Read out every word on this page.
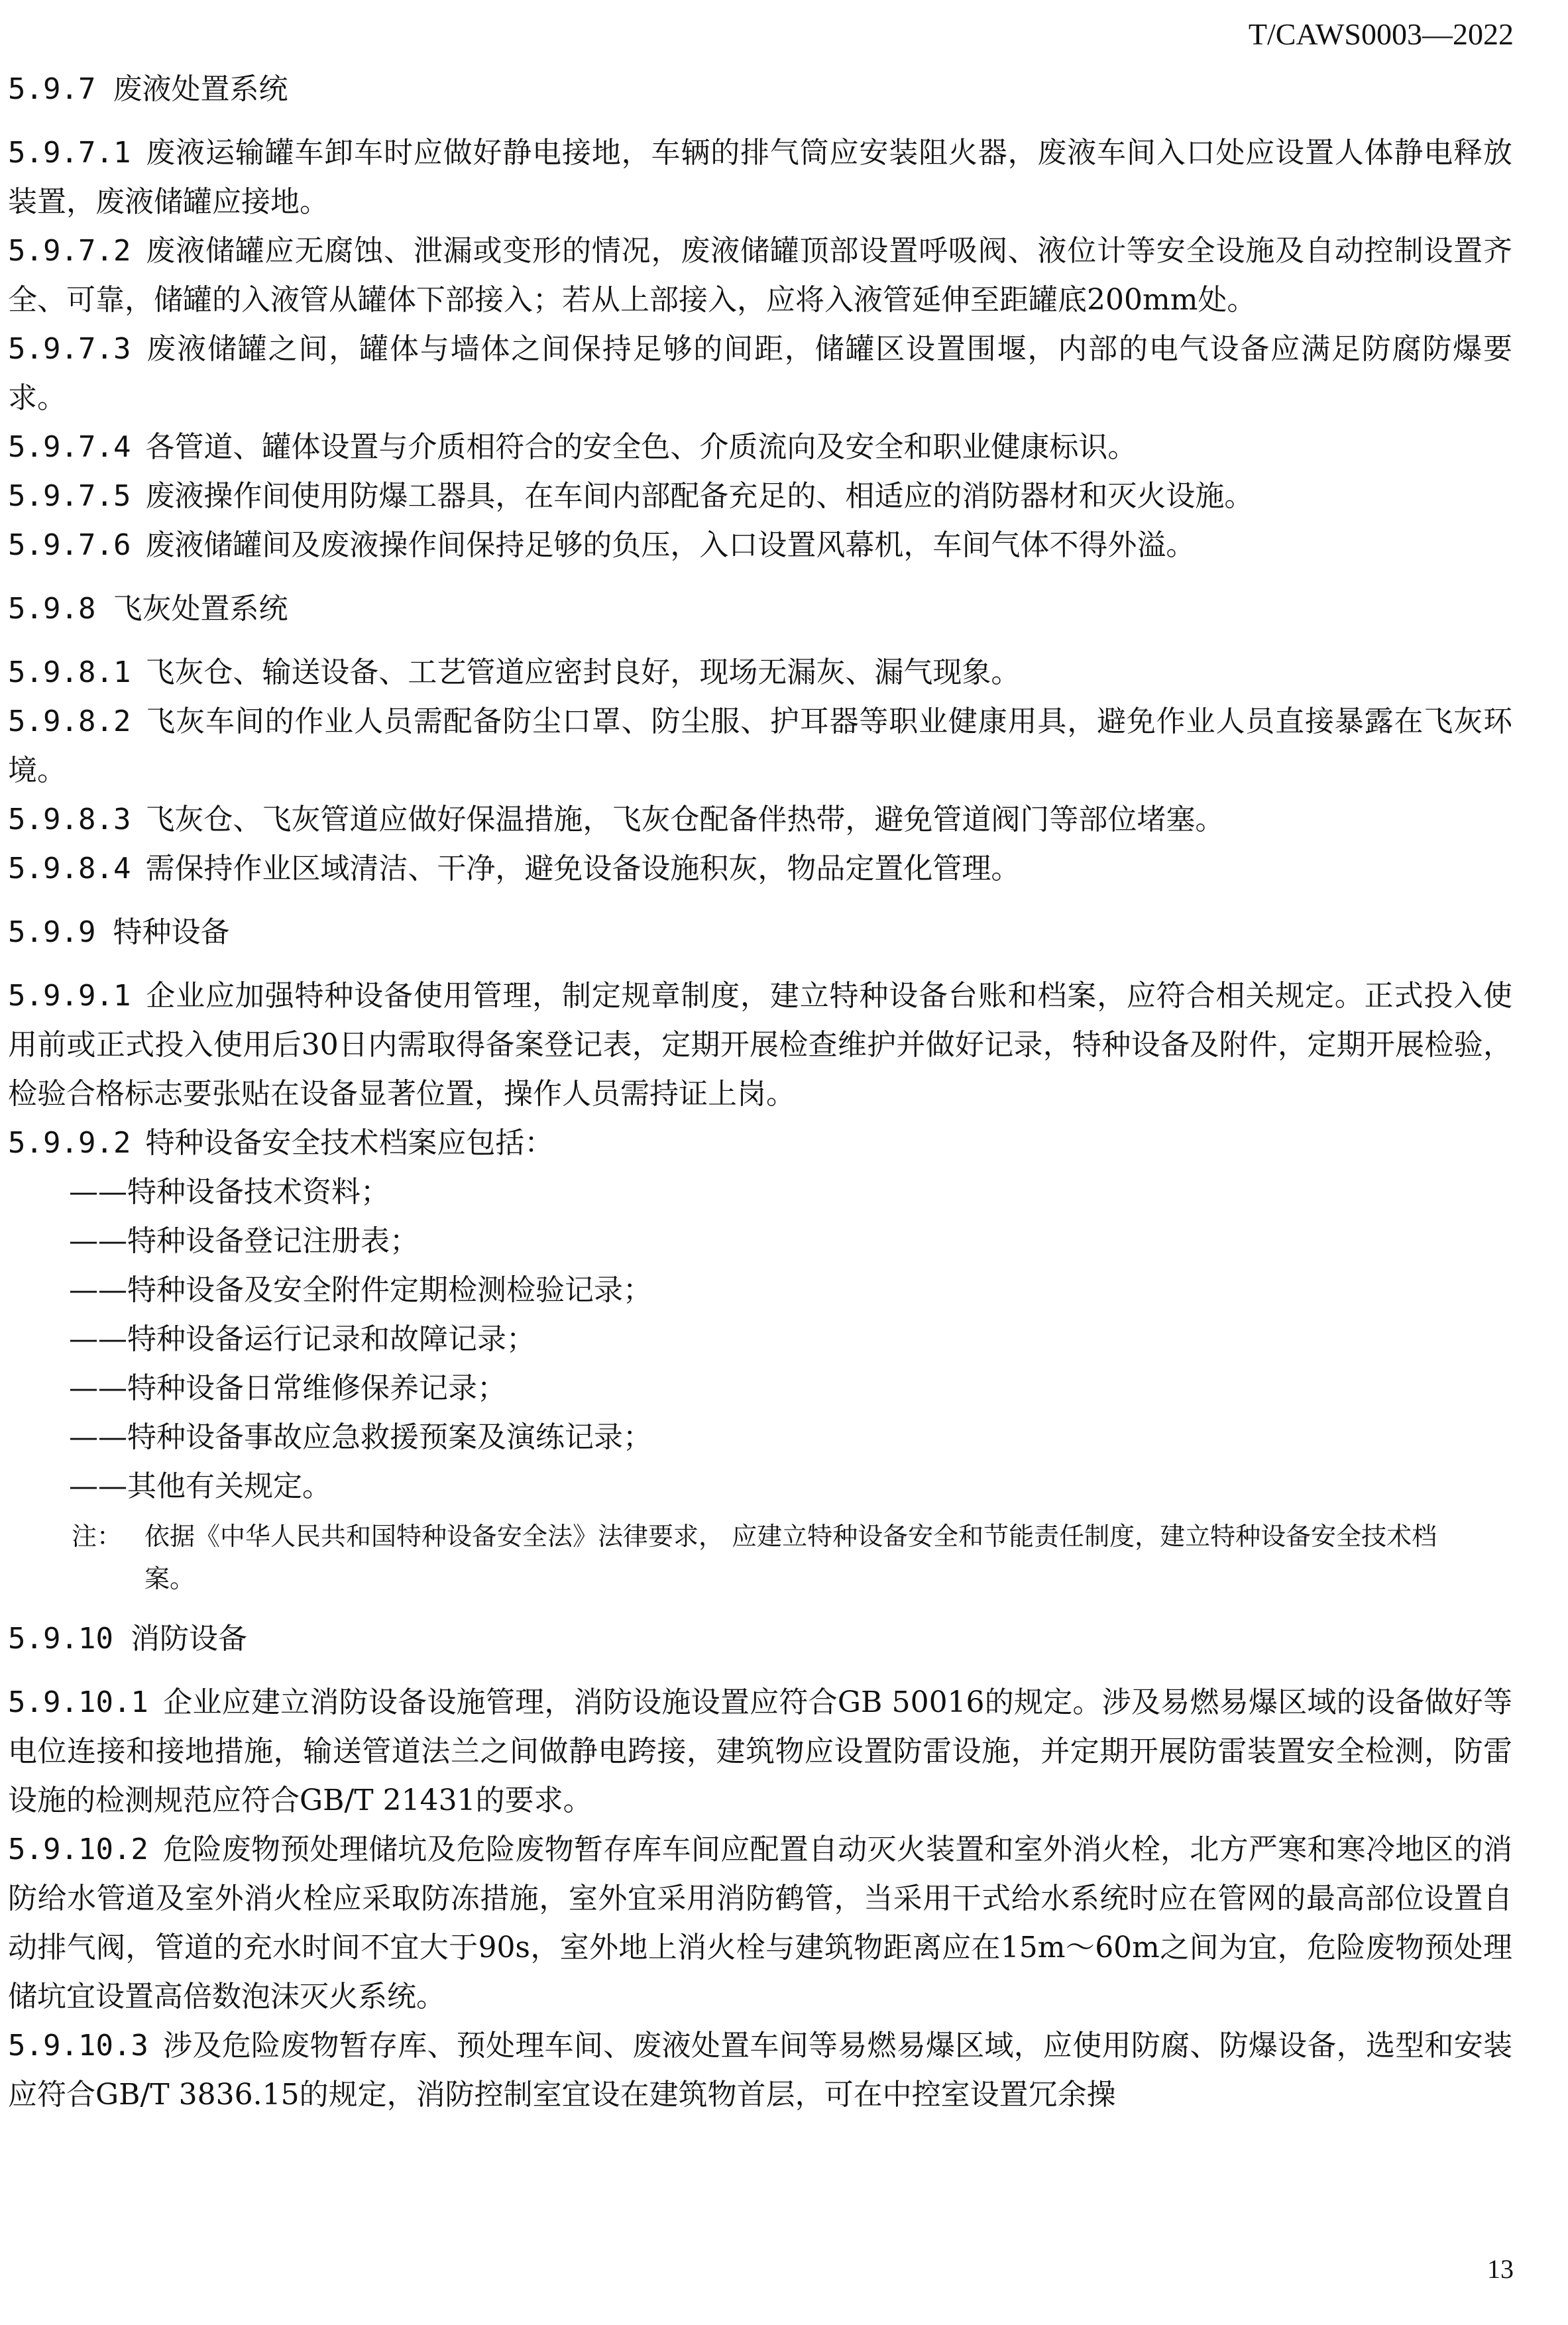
T/CAWS0003—2022
5.9.7 废液处置系统

5.9.7.1 废液运输罐车卸车时应做好静电接地，车辆的排气筒应安装阻火器，废液车间入口处应设置人体静电释放装置，废液储罐应接地。

5.9.7.2 废液储罐应无腐蚀、泄漏或变形的情况，废液储罐顶部设置呼吸阀、液位计等安全设施及自动控制设置齐全、可靠，储罐的入液管从罐体下部接入；若从上部接入，应将入液管延伸至距罐底200mm处。

5.9.7.3 废液储罐之间，罐体与墙体之间保持足够的间距，储罐区设置围堰，内部的电气设备应满足防腐防爆要求。

5.9.7.4 各管道、罐体设置与介质相符合的安全色、介质流向及安全和职业健康标识。

5.9.7.5 废液操作间使用防爆工器具，在车间内部配备充足的、相适应的消防器材和灭火设施。

5.9.7.6 废液储罐间及废液操作间保持足够的负压，入口设置风幕机，车间气体不得外溢。

5.9.8 飞灰处置系统

5.9.8.1 飞灰仓、输送设备、工艺管道应密封良好，现场无漏灰、漏气现象。

5.9.8.2 飞灰车间的作业人员需配备防尘口罩、防尘服、护耳器等职业健康用具，避免作业人员直接暴露在飞灰环境。

5.9.8.3 飞灰仓、飞灰管道应做好保温措施，飞灰仓配备伴热带，避免管道阀门等部位堵塞。

5.9.8.4 需保持作业区域清洁、干净，避免设备设施积灰，物品定置化管理。

5.9.9 特种设备

5.9.9.1 企业应加强特种设备使用管理，制定规章制度，建立特种设备台账和档案，应符合相关规定。正式投入使用前或正式投入使用后30日内需取得备案登记表，定期开展检查维护并做好记录，特种设备及附件，定期开展检验，检验合格标志要张贴在设备显著位置，操作人员需持证上岗。

5.9.9.2 特种设备安全技术档案应包括：

——特种设备技术资料；
——特种设备登记注册表；
——特种设备及安全附件定期检测检验记录；
——特种设备运行记录和故障记录；
——特种设备日常维修保养记录；
——特种设备事故应急救援预案及演练记录；
——其他有关规定。
注： 依据《中华人民共和国特种设备安全法》法律要求， 应建立特种设备安全和节能责任制度，建立特种设备安全技术档案。
5.9.10 消防设备

5.9.10.1 企业应建立消防设备设施管理，消防设施设置应符合GB 50016的规定。涉及易燃易爆区域的设备做好等电位连接和接地措施，输送管道法兰之间做静电跨接，建筑物应设置防雷设施，并定期开展防雷装置安全检测，防雷设施的检测规范应符合GB/T 21431的要求。

5.9.10.2 危险废物预处理储坑及危险废物暂存库车间应配置自动灭火装置和室外消火栓，北方严寒和寒冷地区的消防给水管道及室外消火栓应采取防冻措施，室外宜采用消防鹤管，当采用干式给水系统时应在管网的最高部位设置自动排气阀，管道的充水时间不宜大于90s，室外地上消火栓与建筑物距离应在15m～60m之间为宜，危险废物预处理储坑宜设置高倍数泡沫灭火系统。

5.9.10.3 涉及危险废物暂存库、预处理车间、废液处置车间等易燃易爆区域，应使用防腐、防爆设备，选型和安装应符合GB/T 3836.15的规定，消防控制室宜设在建筑物首层，可在中控室设置冗余操

13
